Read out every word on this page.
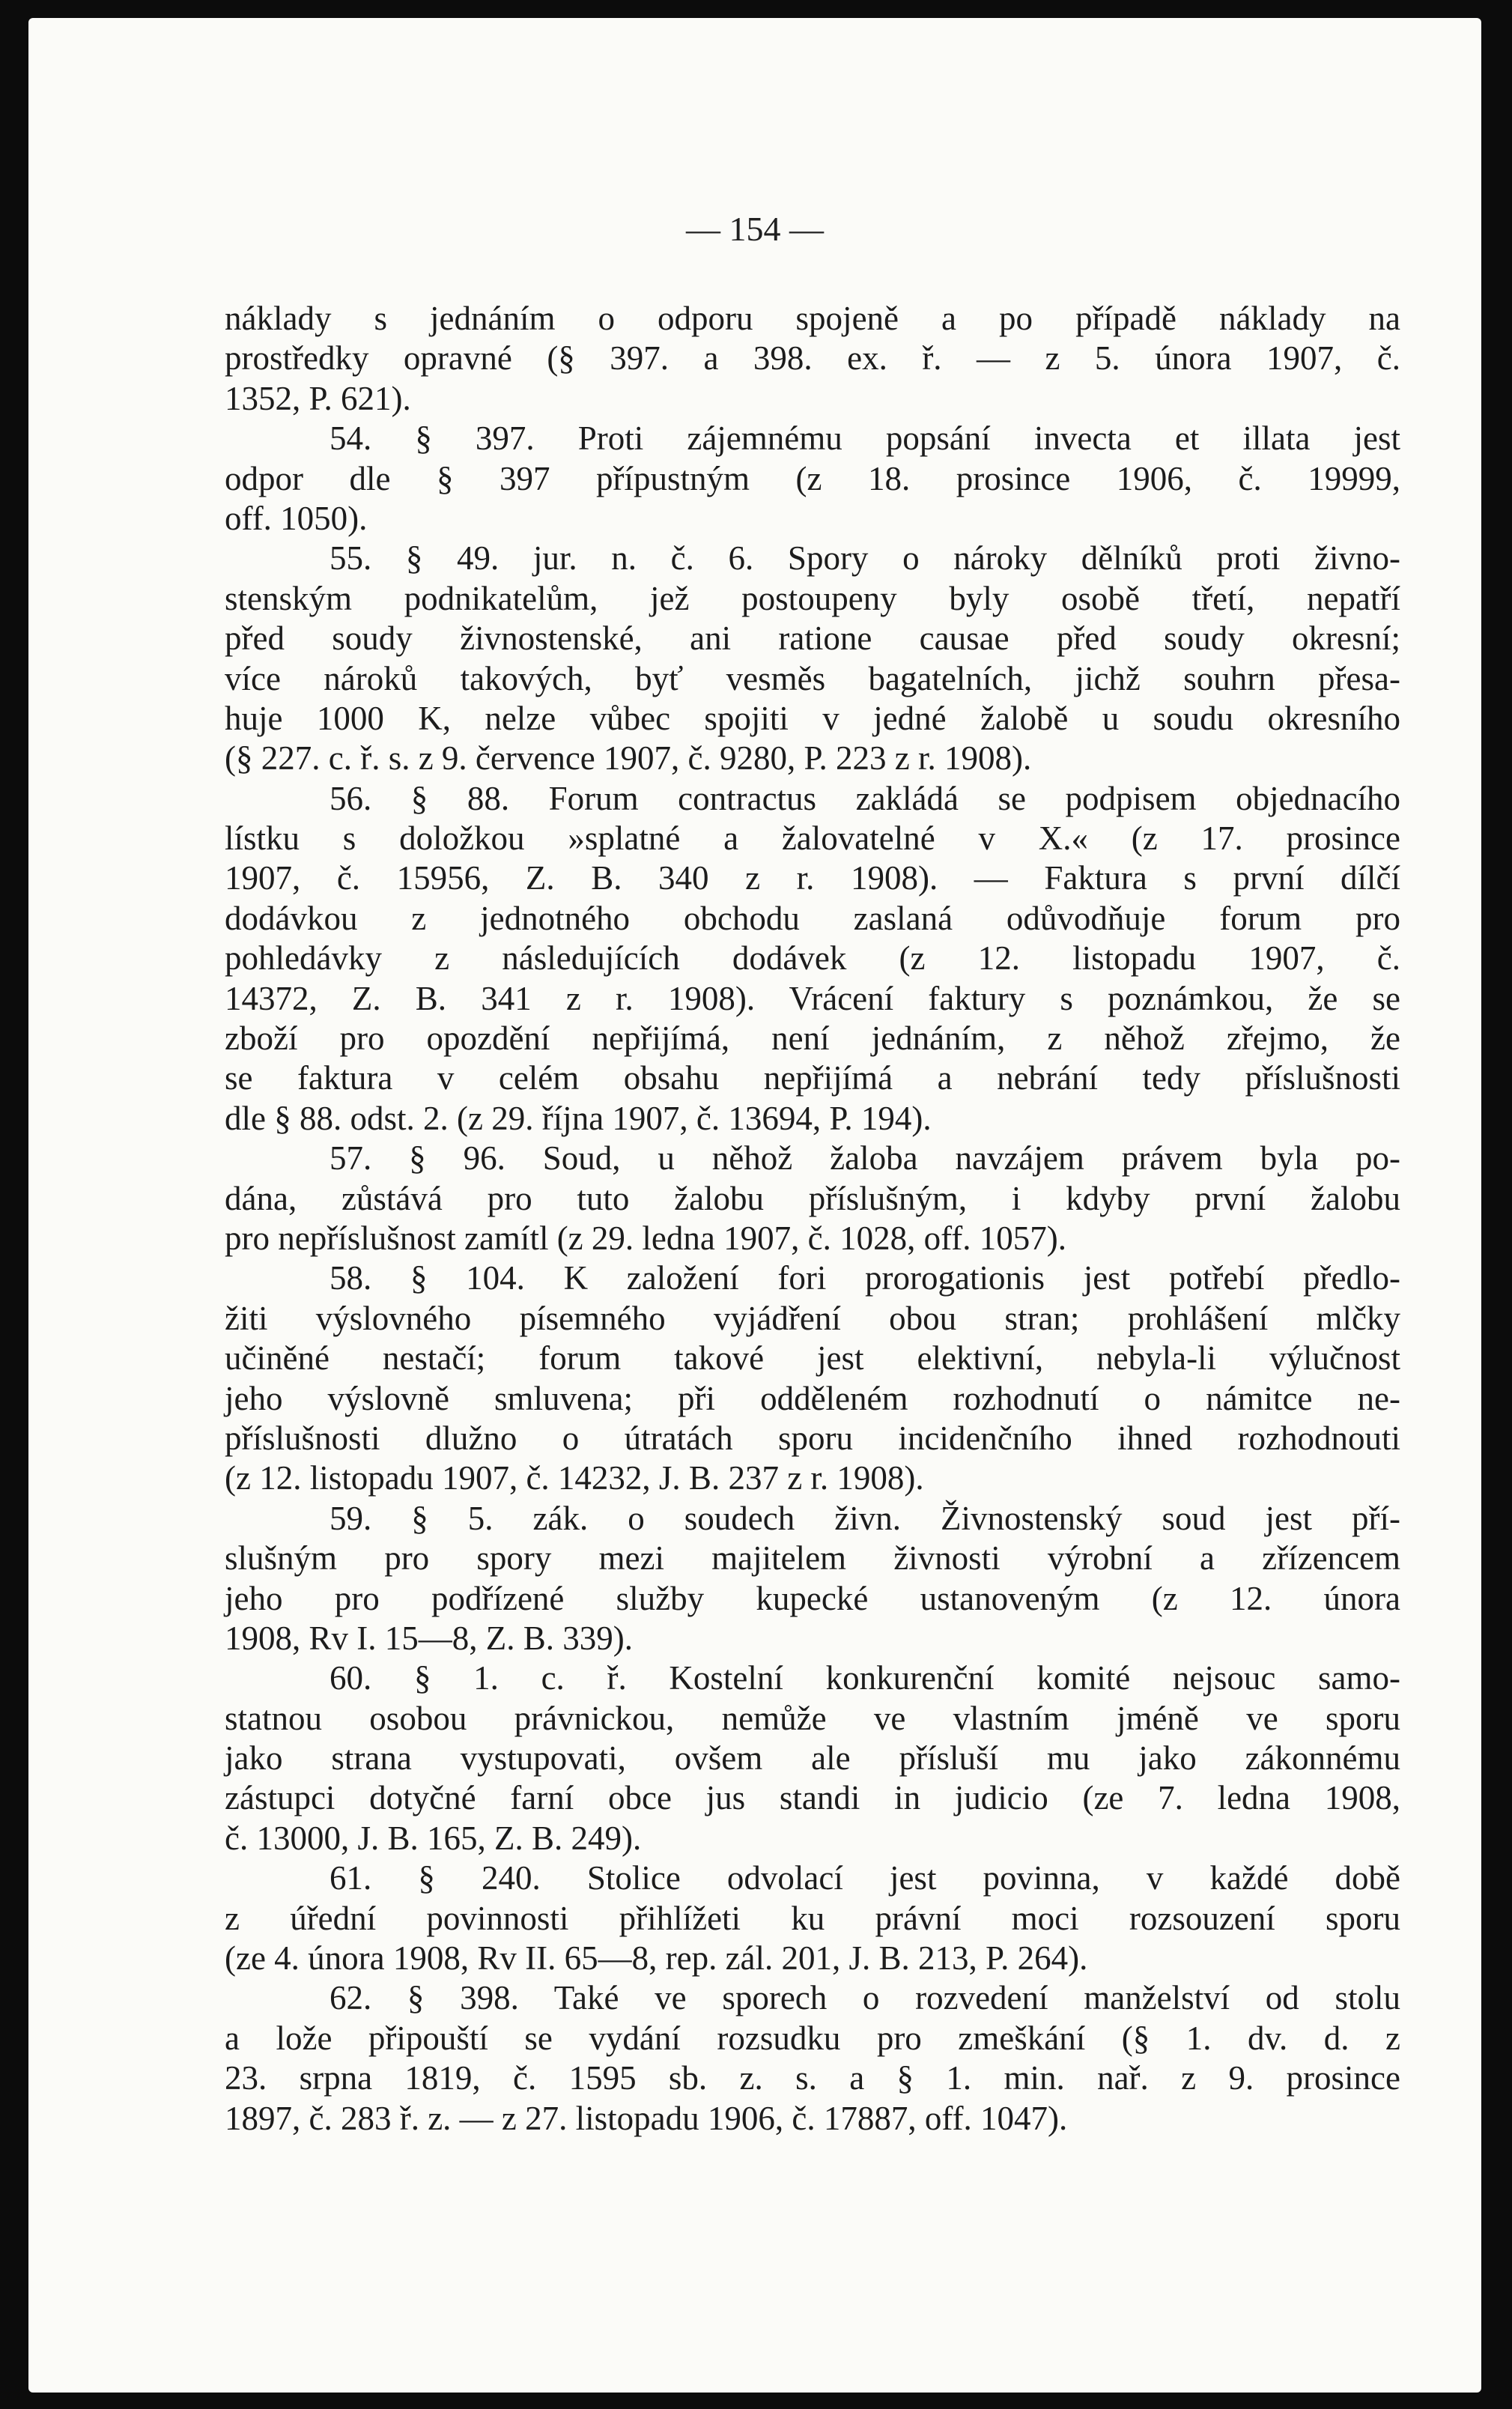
— 154 —
náklady s jednáním o odporu spojeně a po případě náklady na
prostředky opravné (§ 397. a 398. ex. ř. — z 5. února 1907, č.
1352, P. 621).
54. § 397. Proti zájemnému popsání invecta et illata jest
odpor dle § 397 přípustným (z 18. prosince 1906, č. 19999,
off. 1050).
55. § 49. jur. n. č. 6. Spory o nároky dělníků proti živno-
stenským podnikatelům, jež postoupeny byly osobě třetí, nepatří
před soudy živnostenské, ani ratione causae před soudy okresní;
více nároků takových, byť vesměs bagatelních, jichž souhrn přesa-
huje 1000 K, nelze vůbec spojiti v jedné žalobě u soudu okresního
(§ 227. c. ř. s. z 9. července 1907, č. 9280, P. 223 z r. 1908).
56. § 88. Forum contractus zakládá se podpisem objednacího
lístku s doložkou »splatné a žalovatelné v X.« (z 17. prosince
1907, č. 15956, Z. B. 340 z r. 1908). — Faktura s první dílčí
dodávkou z jednotného obchodu zaslaná odůvodňuje forum pro
pohledávky z následujících dodávek (z 12. listopadu 1907, č.
14372, Z. B. 341 z r. 1908). Vrácení faktury s poznámkou, že se
zboží pro opozdění nepřijímá, není jednáním, z něhož zřejmo, že
se faktura v celém obsahu nepřijímá a nebrání tedy příslušnosti
dle § 88. odst. 2. (z 29. října 1907, č. 13694, P. 194).
57. § 96. Soud, u něhož žaloba navzájem právem byla po-
dána, zůstává pro tuto žalobu příslušným, i kdyby první žalobu
pro nepříslušnost zamítl (z 29. ledna 1907, č. 1028, off. 1057).
58. § 104. K založení fori prorogationis jest potřebí předlo-
žiti výslovného písemného vyjádření obou stran; prohlášení mlčky
učiněné nestačí; forum takové jest elektivní, nebyla-li výlučnost
jeho výslovně smluvena; při odděleném rozhodnutí o námitce ne-
příslušnosti dlužno o útratách sporu incidenčního ihned rozhodnouti
(z 12. listopadu 1907, č. 14232, J. B. 237 z r. 1908).
59. § 5. zák. o soudech živn. Živnostenský soud jest pří-
slušným pro spory mezi majitelem živnosti výrobní a zřízencem
jeho pro podřízené služby kupecké ustanoveným (z 12. února
1908, Rv I. 15—8, Z. B. 339).
60. § 1. c. ř. Kostelní konkurenční komité nejsouc samo-
statnou osobou právnickou, nemůže ve vlastním jméně ve sporu
jako strana vystupovati, ovšem ale přísluší mu jako zákonnému
zástupci dotyčné farní obce jus standi in judicio (ze 7. ledna 1908,
č. 13000, J. B. 165, Z. B. 249).
61. § 240. Stolice odvolací jest povinna, v každé době
z úřední povinnosti přihlížeti ku právní moci rozsouzení sporu
(ze 4. února 1908, Rv II. 65—8, rep. zál. 201, J. B. 213, P. 264).
62. § 398. Také ve sporech o rozvedení manželství od stolu
a lože připouští se vydání rozsudku pro zmeškání (§ 1. dv. d. z
23. srpna 1819, č. 1595 sb. z. s. a § 1. min. nař. z 9. prosince
1897, č. 283 ř. z. — z 27. listopadu 1906, č. 17887, off. 1047).
